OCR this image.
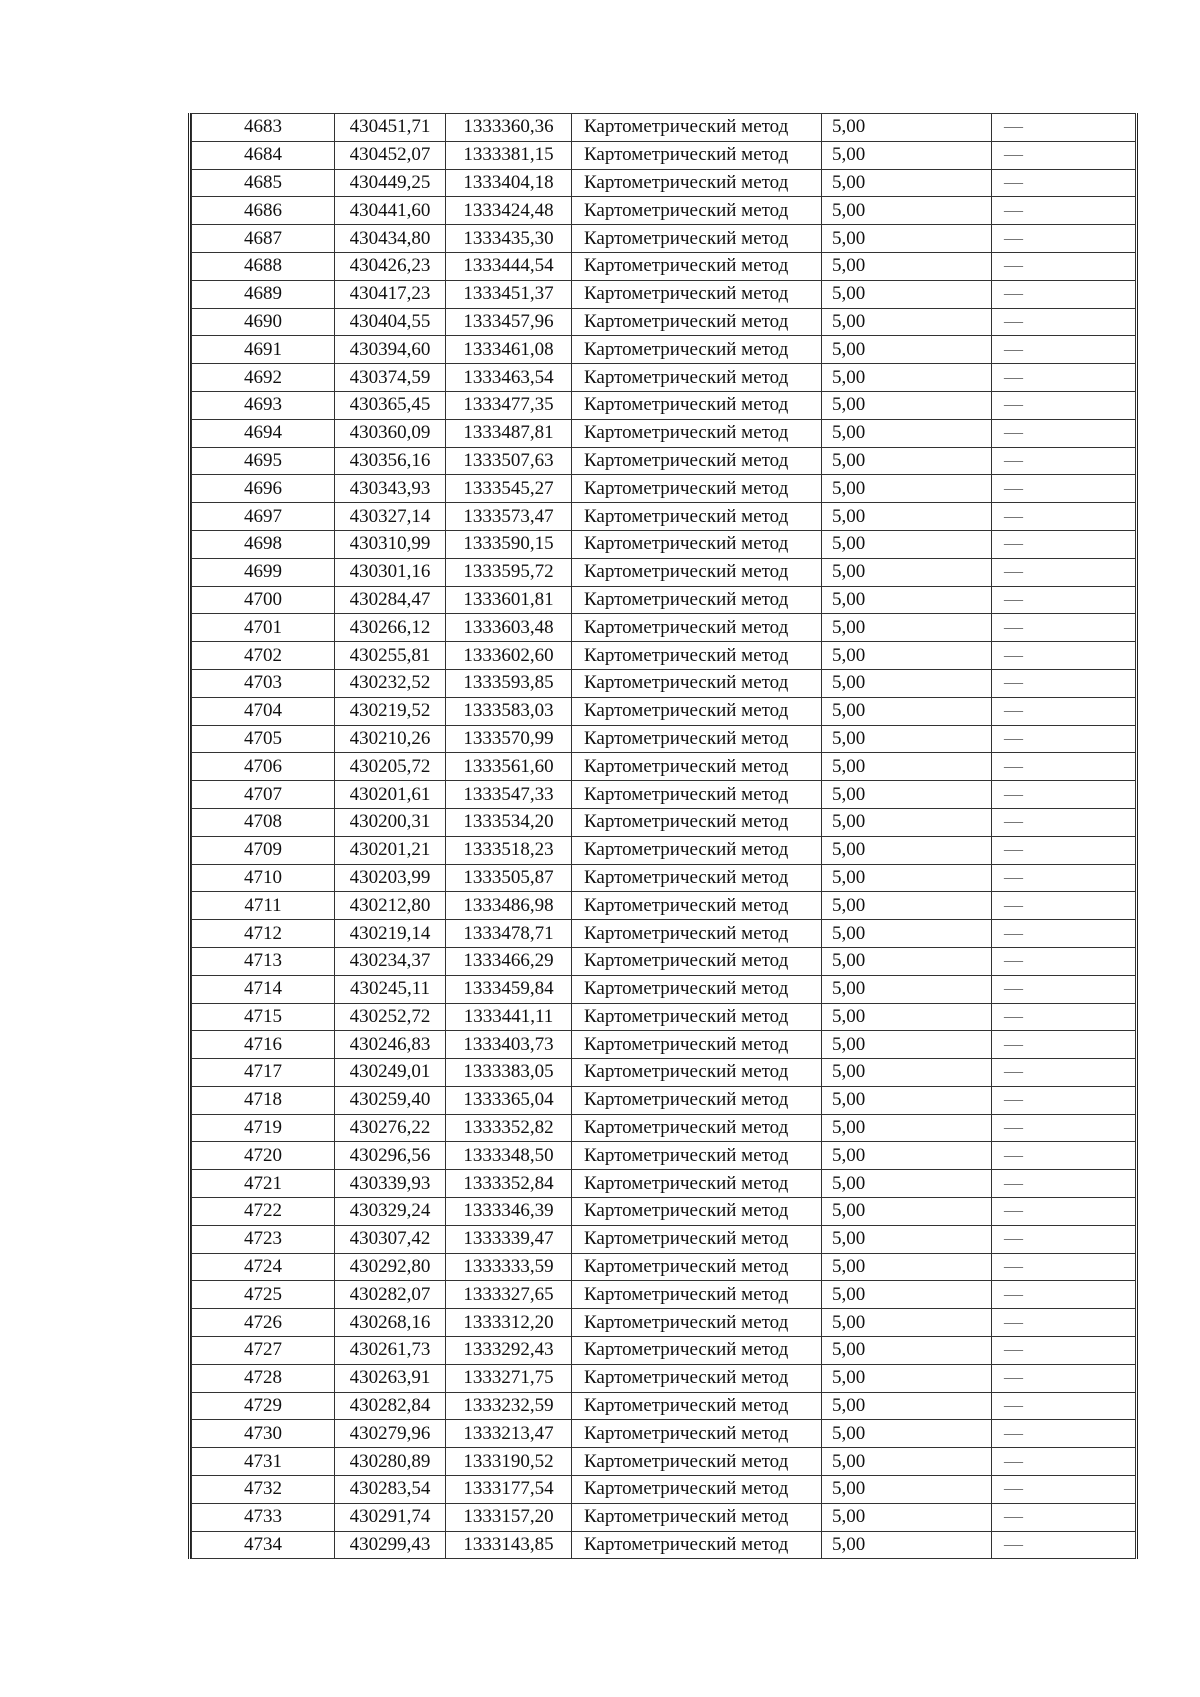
4683	430451,71	1333360,36	Картометрический метод	5,00	—
4684	430452,07	1333381,15	Картометрический метод	5,00	—
4685	430449,25	1333404,18	Картометрический метод	5,00	—
4686	430441,60	1333424,48	Картометрический метод	5,00	—
4687	430434,80	1333435,30	Картометрический метод	5,00	—
4688	430426,23	1333444,54	Картометрический метод	5,00	—
4689	430417,23	1333451,37	Картометрический метод	5,00	—
4690	430404,55	1333457,96	Картометрический метод	5,00	—
4691	430394,60	1333461,08	Картометрический метод	5,00	—
4692	430374,59	1333463,54	Картометрический метод	5,00	—
4693	430365,45	1333477,35	Картометрический метод	5,00	—
4694	430360,09	1333487,81	Картометрический метод	5,00	—
4695	430356,16	1333507,63	Картометрический метод	5,00	—
4696	430343,93	1333545,27	Картометрический метод	5,00	—
4697	430327,14	1333573,47	Картометрический метод	5,00	—
4698	430310,99	1333590,15	Картометрический метод	5,00	—
4699	430301,16	1333595,72	Картометрический метод	5,00	—
4700	430284,47	1333601,81	Картометрический метод	5,00	—
4701	430266,12	1333603,48	Картометрический метод	5,00	—
4702	430255,81	1333602,60	Картометрический метод	5,00	—
4703	430232,52	1333593,85	Картометрический метод	5,00	—
4704	430219,52	1333583,03	Картометрический метод	5,00	—
4705	430210,26	1333570,99	Картометрический метод	5,00	—
4706	430205,72	1333561,60	Картометрический метод	5,00	—
4707	430201,61	1333547,33	Картометрический метод	5,00	—
4708	430200,31	1333534,20	Картометрический метод	5,00	—
4709	430201,21	1333518,23	Картометрический метод	5,00	—
4710	430203,99	1333505,87	Картометрический метод	5,00	—
4711	430212,80	1333486,98	Картометрический метод	5,00	—
4712	430219,14	1333478,71	Картометрический метод	5,00	—
4713	430234,37	1333466,29	Картометрический метод	5,00	—
4714	430245,11	1333459,84	Картометрический метод	5,00	—
4715	430252,72	1333441,11	Картометрический метод	5,00	—
4716	430246,83	1333403,73	Картометрический метод	5,00	—
4717	430249,01	1333383,05	Картометрический метод	5,00	—
4718	430259,40	1333365,04	Картометрический метод	5,00	—
4719	430276,22	1333352,82	Картометрический метод	5,00	—
4720	430296,56	1333348,50	Картометрический метод	5,00	—
4721	430339,93	1333352,84	Картометрический метод	5,00	—
4722	430329,24	1333346,39	Картометрический метод	5,00	—
4723	430307,42	1333339,47	Картометрический метод	5,00	—
4724	430292,80	1333333,59	Картометрический метод	5,00	—
4725	430282,07	1333327,65	Картометрический метод	5,00	—
4726	430268,16	1333312,20	Картометрический метод	5,00	—
4727	430261,73	1333292,43	Картометрический метод	5,00	—
4728	430263,91	1333271,75	Картометрический метод	5,00	—
4729	430282,84	1333232,59	Картометрический метод	5,00	—
4730	430279,96	1333213,47	Картометрический метод	5,00	—
4731	430280,89	1333190,52	Картометрический метод	5,00	—
4732	430283,54	1333177,54	Картометрический метод	5,00	—
4733	430291,74	1333157,20	Картометрический метод	5,00	—
4734	430299,43	1333143,85	Картометрический метод	5,00	—
